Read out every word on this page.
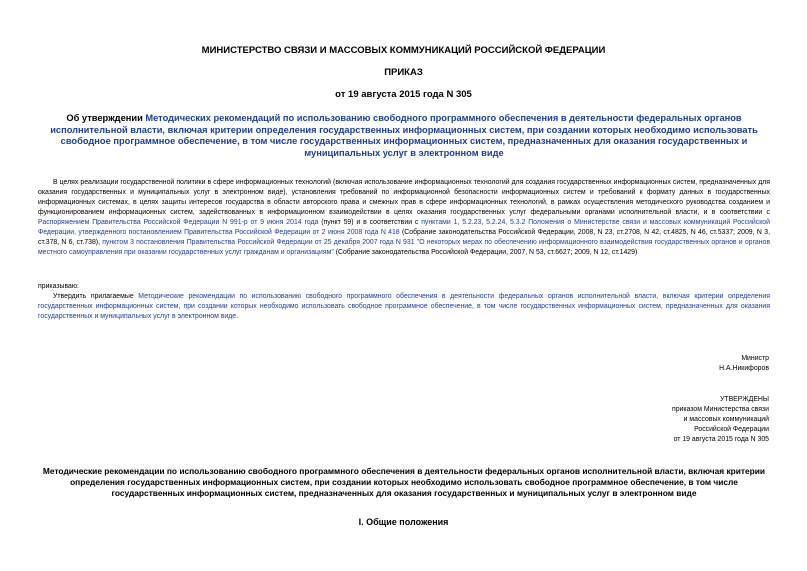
МИНИСТЕРСТВО СВЯЗИ И МАССОВЫХ КОММУНИКАЦИЙ РОССИЙСКОЙ ФЕДЕРАЦИИ
ПРИКАЗ
от 19 августа 2015 года N 305
Об утверждении Методических рекомендаций по использованию свободного программного обеспечения в деятельности федеральных органов исполнительной власти, включая критерии определения государственных информационных систем, при создании которых необходимо использовать свободное программное обеспечение, в том числе государственных информационных систем, предназначенных для оказания государственных и муниципальных услуг в электронном виде
В целях реализации государственной политики в сфере информационных технологий (включая использование информационных технологий для создания государственных информационных систем, предназначенных для оказания государственных и муниципальных услуг в электронном виде), установления требований по информационной безопасности информационных систем и требований к формату данных в государственных информационных системах, в целях защиты интересов государства в области авторского права и смежных прав в сфере информационных технологий, в рамках осуществления методического руководства созданием и функционированием информационных систем, задействованных в информационном взаимодействии в целях оказания государственных услуг федеральными органами исполнительной власти, и в соответствии с Распоряжением Правительства Российской Федерации N 991-р от 9 июня 2014 года (пункт 59) и в соответствии с пунктами 1, 5.2.23, 5.2.24, 5.3.2 Положения о Министерстве связи и массовых коммуникаций Российской Федерации, утвержденного постановлением Правительства Российской Федерации от 2 июня 2008 года N 418 (Собрание законодательства Российской Федерации, 2008, N 23, ст.2708, N 42, ст.4825, N 46, ст.5337; 2009, N 3, ст.378, N 6, ст.738), пунктом 3 постановления Правительства Российской Федерации от 25 декабря 2007 года N 931 "О некоторых мерах по обеспечению информационного взаимодействия государственных органов и органов местного самоуправления при оказании государственных услуг гражданам и организациям" (Собрание законодательства Российской Федерации, 2007, N 53, ст.6627; 2009, N 12, ст.1429)
приказываю:
Утвердить прилагаемые Методические рекомендации по использованию свободного программного обеспечения в деятельности федеральных органов исполнительной власти, включая критерии определения государственных информационных систем, при создании которых необходимо использовать свободное программное обеспечение, в том числе государственных информационных систем, предназначенных для оказания государственных и муниципальных услуг в электронном виде.
Министр
Н.А.Никифоров
УТВЕРЖДЕНЫ
приказом Министерства связи
и массовых коммуникаций
Российской Федерации
от 19 августа 2015 года N 305
Методические рекомендации по использованию свободного программного обеспечения в деятельности федеральных органов исполнительной власти, включая критерии определения государственных информационных систем, при создании которых необходимо использовать свободное программное обеспечение, в том числе государственных информационных систем, предназначенных для оказания государственных и муниципальных услуг в электронном виде
I. Общие положения
